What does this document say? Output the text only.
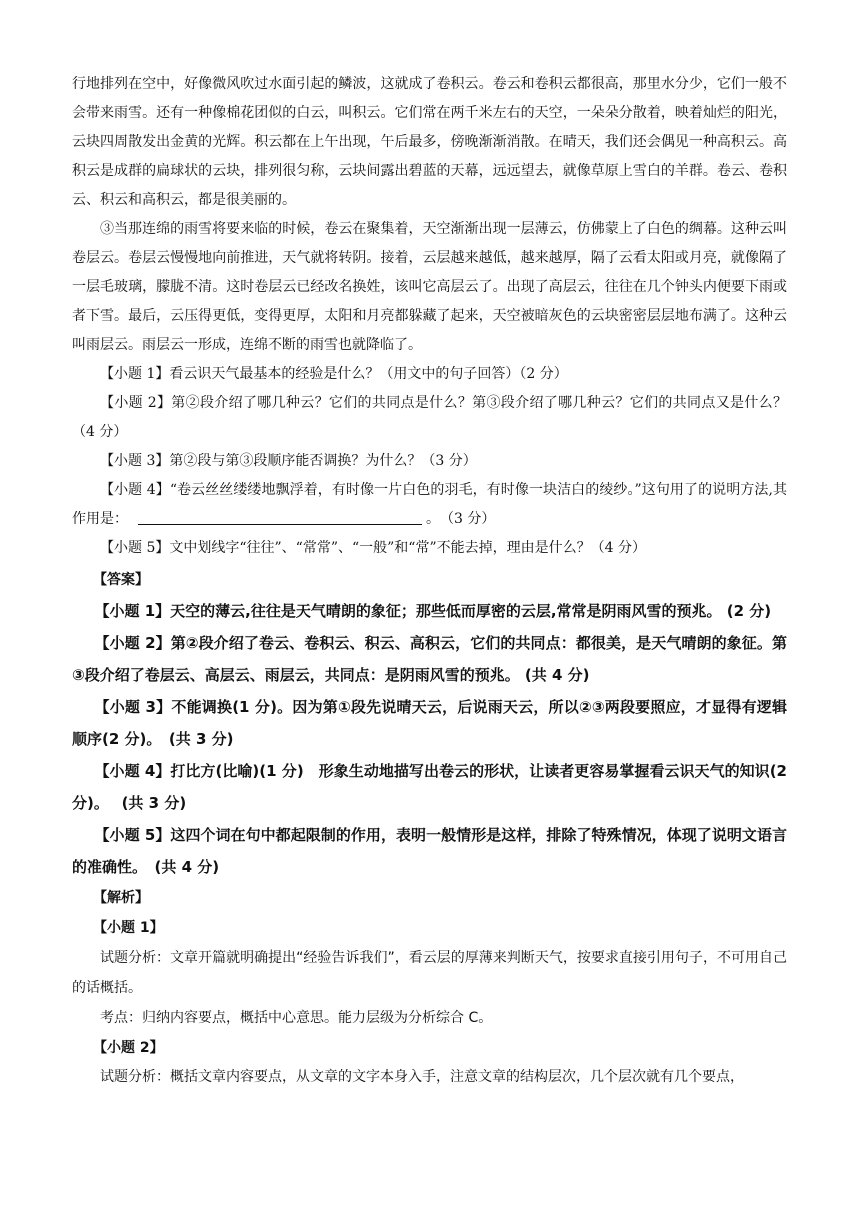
行地排列在空中，好像微风吹过水面引起的鳞波，这就成了卷积云。卷云和卷积云都很高，那里水分少，它们一般不会带来雨雪。还有一种像棉花团似的白云，叫积云。它们常在两千米左右的天空，一朵朵分散着，映着灿烂的阳光，云块四周散发出金黄的光辉。积云都在上午出现，午后最多，傍晚渐渐消散。在晴天，我们还会偶见一种高积云。高积云是成群的扁球状的云块，排列很匀称，云块间露出碧蓝的天幕，远远望去，就像草原上雪白的羊群。卷云、卷积云、积云和高积云，都是很美丽的。

③当那连绵的雨雪将要来临的时候，卷云在聚集着，天空渐渐出现一层薄云，仿佛蒙上了白色的绸幕。这种云叫卷层云。卷层云慢慢地向前推进，天气就将转阴。接着，云层越来越低，越来越厚，隔了云看太阳或月亮，就像隔了一层毛玻璃，朦胧不清。这时卷层云已经改名换姓，该叫它高层云了。出现了高层云，往往在几个钟头内便要下雨或者下雪。最后，云压得更低，变得更厚，太阳和月亮都躲藏了起来，天空被暗灰色的云块密密层层地布满了。这种云叫雨层云。雨层云一形成，连绵不断的雨雪也就降临了。

【小题 1】看云识天气最基本的经验是什么？（用文中的句子回答）（2 分）

【小题 2】第②段介绍了哪几种云？它们的共同点是什么？第③段介绍了哪几种云？它们的共同点又是什么？（4 分）

【小题 3】第②段与第③段顺序能否调换？为什么？（3 分）

【小题 4】“卷云丝丝缕缕地飘浮着，有时像一片白色的羽毛，有时像一块洁白的绫纱。”这句用了的说明方法,其作用是：	。　（3 分）

【小题 5】文中划线字“往往”、“常常”、“一般”和“常”不能去掉，理由是什么？（4 分）

【答案】

【小题 1】天空的薄云,往往是天气晴朗的象征；那些低而厚密的云层,常常是阴雨风雪的预兆。 (2 分)

【小题 2】第②段介绍了卷云、卷积云、积云、高积云，它们的共同点：都很美，是天气晴朗的象征。第③段介绍了卷层云、高层云、雨层云，共同点：是阴雨风雪的预兆。 (共 4 分)

【小题 3】不能调换(1 分)。因为第①段先说晴天云，后说雨天云，所以②③两段要照应，才显得有逻辑顺序(2 分)。　(共 3 分)

【小题 4】打比方(比喻)(1 分)　形象生动地描写出卷云的形状，让读者更容易掌握看云识天气的知识(2 分)。　 (共 3 分)

【小题 5】这四个词在句中都起限制的作用，表明一般情形是这样，排除了特殊情况，体现了说明文语言的准确性。　(共 4 分)

【解析】

【小题 1】

试题分析：文章开篇就明确提出“经验告诉我们”，看云层的厚薄来判断天气，按要求直接引用句子，不可用自己的话概括。

考点：归纳内容要点，概括中心意思。能力层级为分析综合 C。

【小题 2】

试题分析：概括文章内容要点，从文章的文字本身入手，注意文章的结构层次，几个层次就有几个要点，
